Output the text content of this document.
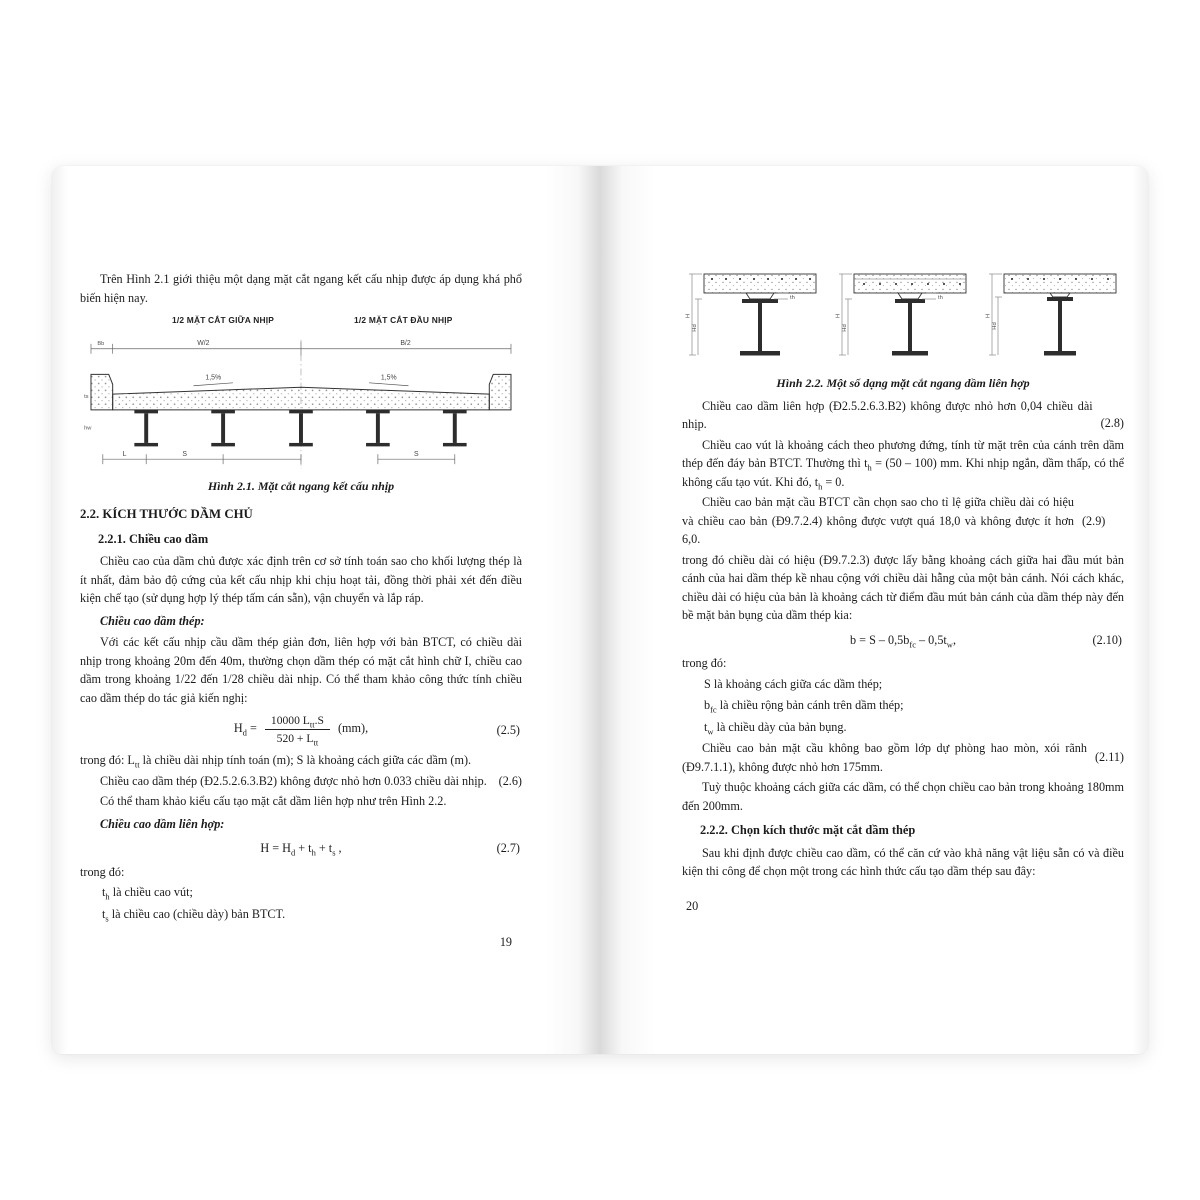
Trên Hình 2.1 giới thiệu một dạng mặt cắt ngang kết cấu nhịp được áp dụng khá phổ biến hiện nay.

1/2 MẶT CẮT GIỮA NHỊP	1/2 MẶT CẮT ĐẦU NHỊP
Bb	W/2	B/2
1,5%	1,5%
ts
hw
L	S	S
Hình 2.1. Mặt cắt ngang kết cấu nhịp
2.2. KÍCH THƯỚC DẦM CHỦ
2.2.1. Chiều cao dầm

Chiều cao của dầm chủ được xác định trên cơ sở tính toán sao cho khối lượng thép là ít nhất, đảm bảo độ cứng của kết cấu nhịp khi chịu hoạt tải, đồng thời phải xét đến điều kiện chế tạo (sử dụng hợp lý thép tấm cán sẵn), vận chuyển và lắp ráp.

Chiều cao dầm thép:

Với các kết cấu nhịp cầu dầm thép giản đơn, liên hợp với bản BTCT, có chiều dài nhịp trong khoảng 20m đến 40m, thường chọn dầm thép có mặt cắt hình chữ I, chiều cao dầm trong khoảng 1/22 đến 1/28 chiều dài nhịp. Có thể tham khảo công thức tính chiều cao dầm thép do tác giả kiến nghị:

$H_d = \frac{10000 L_{tt}.S}{520 + L_{tt}} (mm)$,	(2.5)

trong đó: $L_{tt}$ là chiều dài nhịp tính toán (m); S là khoảng cách giữa các dầm (m).

Chiều cao dầm thép (Đ2.5.2.6.3.B2) không được nhỏ hơn 0.033 chiều dài nhịp. (2.6)

Có thể tham khảo kiểu cấu tạo mặt cắt dầm liên hợp như trên Hình 2.2.

Chiều cao dầm liên hợp:

$H = H_d + t_h + t_s$ ,	(2.7)

trong đó:

$t_h$ là chiều cao vút;

$t_s$ là chiều cao (chiều dày) bản BTCT.

19
H
Hd
th
H
Hd
th
H
Hd
Hình 2.2. Một số dạng mặt cắt ngang dầm liên hợp

Chiều cao dầm liên hợp (Đ2.5.2.6.3.B2) không được nhỏ hơn 0,04 chiều dài nhịp.	(2.8)

Chiều cao vút là khoảng cách theo phương đứng, tính từ mặt trên của cánh trên dầm thép đến đáy bản BTCT. Thường thì $t_h = (50 - 100)$ mm. Khi nhịp ngắn, dầm thấp, có thể không cấu tạo vút. Khi đó, $t_h = 0$.

Chiều cao bản mặt cầu BTCT cần chọn sao cho tỉ lệ giữa chiều dài có hiệu và chiều cao bản (Đ9.7.2.4) không được vượt quá 18,0 và không được ít hơn 6,0.

(2.9)

trong đó chiều dài có hiệu (Đ9.7.2.3) được lấy bằng khoảng cách giữa hai đầu mút bản cánh của hai dầm thép kề nhau cộng với chiều dài hẫng của một bản cánh. Nói cách khác, chiều dài có hiệu của bản là khoảng cách từ điểm đầu mút bản cánh của dầm thép này đến bề mặt bản bụng của dầm thép kia:

$b = S - 0,5b_{fc} - 0,5t_w$,	(2.10)

trong đó:

S là khoảng cách giữa các dầm thép;

$b_{fc}$ là chiều rộng bản cánh trên dầm thép;

$t_w$ là chiều dày của bản bụng.

Chiều cao bản mặt cầu không bao gồm lớp dự phòng hao mòn, xói rãnh (Đ9.7.1.1), không được nhỏ hơn 175mm.

(2.11)

Tuỳ thuộc khoảng cách giữa các dầm, có thể chọn chiều cao bản trong khoảng 180mm đến 200mm.

2.2.2. Chọn kích thước mặt cắt dầm thép

Sau khi định được chiều cao dầm, có thể căn cứ vào khả năng vật liệu sẵn có và điều kiện thi công để chọn một trong các hình thức cấu tạo dầm thép sau đây:

20
